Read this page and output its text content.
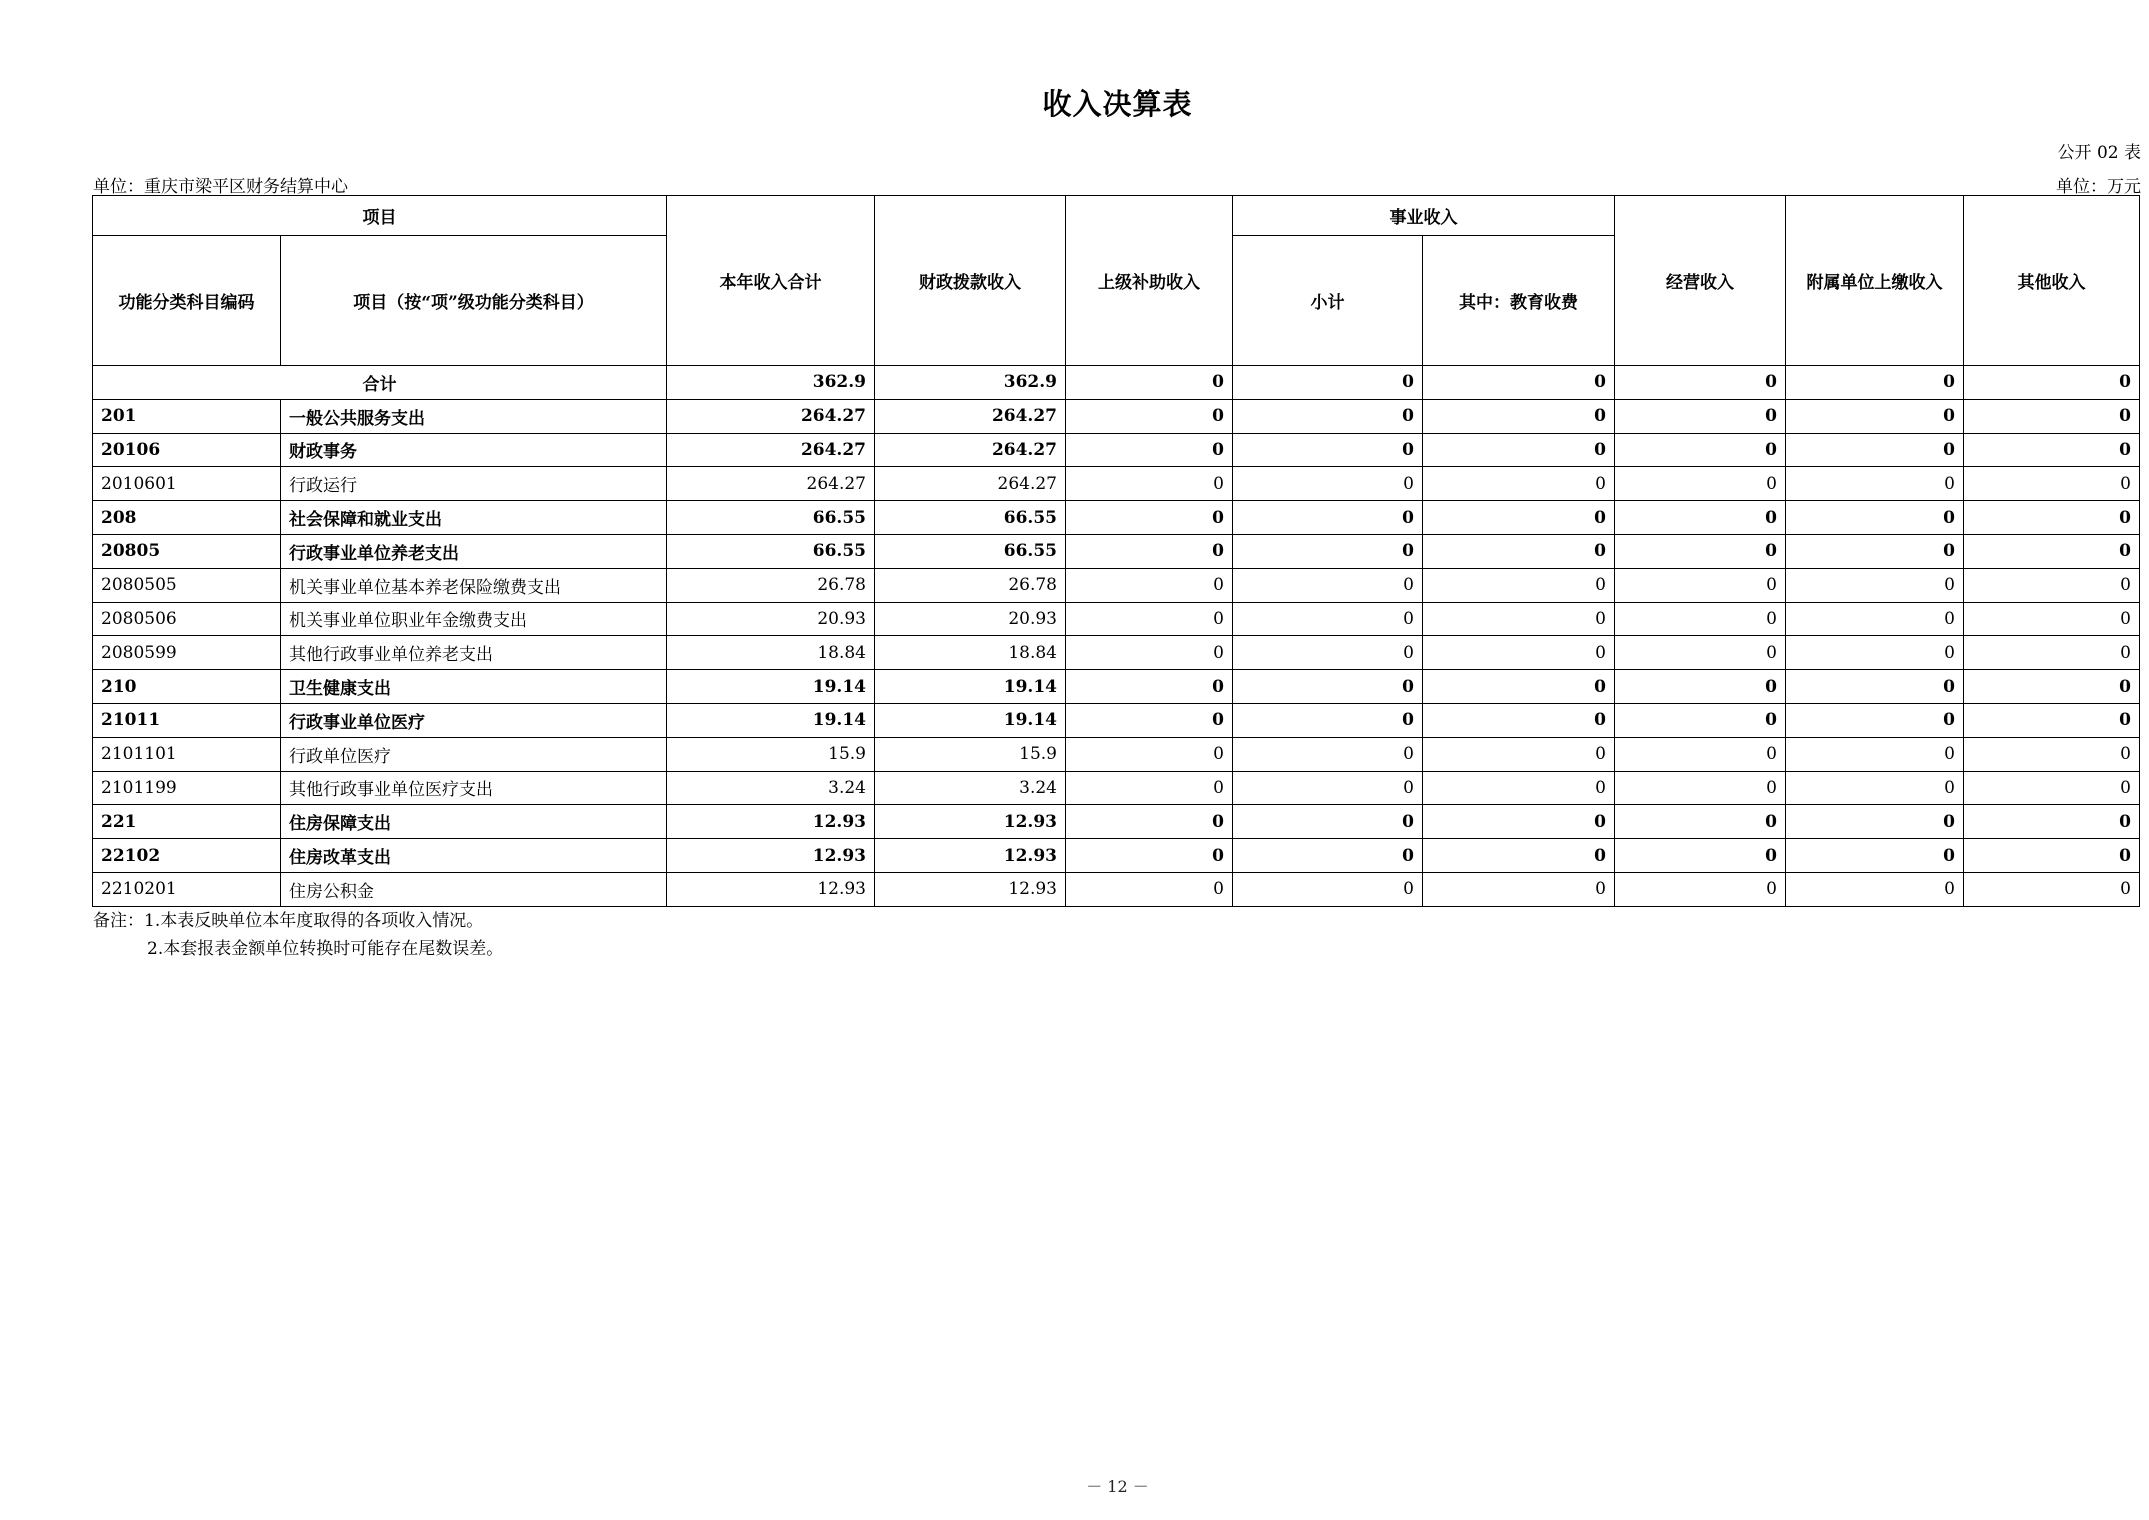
收入决算表
公开 02 表
单位：重庆市梁平区财务结算中心	单位：万元
项目		本年收入合计	财政拨款收入	上级补助收入	事业收入		经营收入	附属单位上缴收入	其他收入
功能分类科目编码	项目（按“项”级功能分类科目）				小计	其中：教育收费			
合计		362.9	362.9	0	0	0	0	0	0
201	一般公共服务支出	264.27	264.27	0	0	0	0	0	0
20106	财政事务	264.27	264.27	0	0	0	0	0	0
2010601	行政运行	264.27	264.27	0	0	0	0	0	0
208	社会保障和就业支出	66.55	66.55	0	0	0	0	0	0
20805	行政事业单位养老支出	66.55	66.55	0	0	0	0	0	0
2080505	机关事业单位基本养老保险缴费支出	26.78	26.78	0	0	0	0	0	0
2080506	机关事业单位职业年金缴费支出	20.93	20.93	0	0	0	0	0	0
2080599	其他行政事业单位养老支出	18.84	18.84	0	0	0	0	0	0
210	卫生健康支出	19.14	19.14	0	0	0	0	0	0
21011	行政事业单位医疗	19.14	19.14	0	0	0	0	0	0
2101101	行政单位医疗	15.9	15.9	0	0	0	0	0	0
2101199	其他行政事业单位医疗支出	3.24	3.24	0	0	0	0	0	0
221	住房保障支出	12.93	12.93	0	0	0	0	0	0
22102	住房改革支出	12.93	12.93	0	0	0	0	0	0
2210201	住房公积金	12.93	12.93	0	0	0	0	0	0
备注：1.本表反映单位本年度取得的各项收入情况。
2.本套报表金额单位转换时可能存在尾数误差。
－ 12 －
